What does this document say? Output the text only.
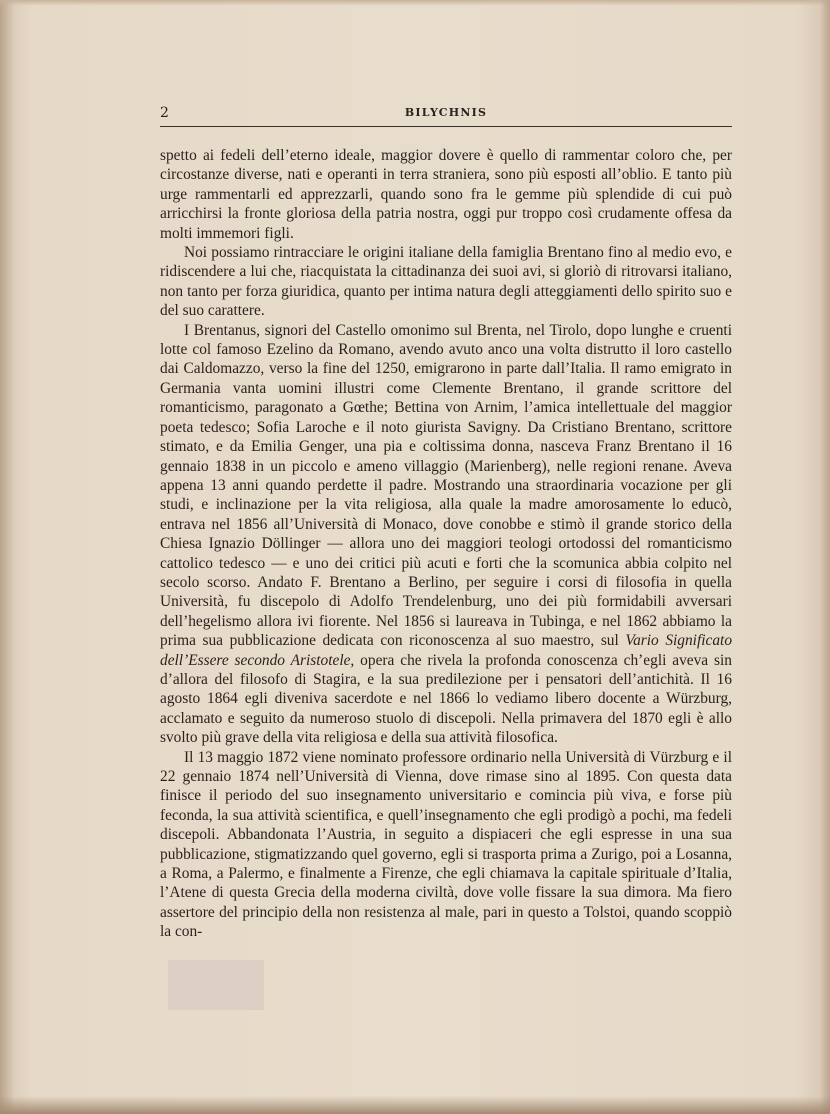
2	BILYCHNIS

spetto ai fedeli dell’eterno ideale, maggior dovere è quello di rammentar coloro che, per circostanze diverse, nati e operanti in terra straniera, sono più esposti all’oblio. E tanto più urge rammentarli ed apprezzarli, quando sono fra le gemme più splendide di cui può arricchirsi la fronte gloriosa della patria nostra, oggi pur troppo così crudamente offesa da molti immemori figli.

Noi possiamo rintracciare le origini italiane della famiglia Brentano fino al medio evo, e ridiscendere a lui che, riacquistata la cittadinanza dei suoi avi, si gloriò di ritrovarsi italiano, non tanto per forza giuridica, quanto per intima natura degli atteggiamenti dello spirito suo e del suo carattere.

I Brentanus, signori del Castello omonimo sul Brenta, nel Tirolo, dopo lunghe e cruenti lotte col famoso Ezelino da Romano, avendo avuto anco una volta distrutto il loro castello dai Caldomazzo, verso la fine del 1250, emigrarono in parte dall’Italia. Il ramo emigrato in Germania vanta uomini illustri come Clemente Brentano, il grande scrittore del romanticismo, paragonato a Gœthe; Bettina von Arnim, l’amica intellettuale del maggior poeta tedesco; Sofia Laroche e il noto giurista Savigny. Da Cristiano Brentano, scrittore stimato, e da Emilia Genger, una pia e coltissima donna, nasceva Franz Brentano il 16 gennaio 1838 in un piccolo e ameno villaggio (Marienberg), nelle regioni renane. Aveva appena 13 anni quando perdette il padre. Mostrando una straordinaria vocazione per gli studi, e inclinazione per la vita religiosa, alla quale la madre amorosamente lo educò, entrava nel 1856 all’Università di Monaco, dove conobbe e stimò il grande storico della Chiesa Ignazio Döllinger — allora uno dei maggiori teologi ortodossi del romanticismo cattolico tedesco — e uno dei critici più acuti e forti che la scomunica abbia colpito nel secolo scorso. Andato F. Brentano a Berlino, per seguire i corsi di filosofia in quella Università, fu discepolo di Adolfo Trendelenburg, uno dei più formidabili avversari dell’hegelismo allora ivi fiorente. Nel 1856 si laureava in Tubinga, e nel 1862 abbiamo la prima sua pubblicazione dedicata con riconoscenza al suo maestro, sul Vario Significato dell’Essere secondo Aristotele, opera che rivela la profonda conoscenza ch’egli aveva sin d’allora del filosofo di Stagira, e la sua predilezione per i pensatori dell’antichità. Il 16 agosto 1864 egli diveniva sacerdote e nel 1866 lo vediamo libero docente a Würzburg, acclamato e seguito da numeroso stuolo di discepoli. Nella primavera del 1870 egli è allo svolto più grave della vita religiosa e della sua attività filosofica.

Il 13 maggio 1872 viene nominato professore ordinario nella Università di Vürzburg e il 22 gennaio 1874 nell’Università di Vienna, dove rimase sino al 1895. Con questa data finisce il periodo del suo insegnamento universitario e comincia più viva, e forse più feconda, la sua attività scientifica, e quell’insegnamento che egli prodigò a pochi, ma fedeli discepoli. Abbandonata l’Austria, in seguito a dispiaceri che egli espresse in una sua pubblicazione, stigmatizzando quel governo, egli si trasporta prima a Zurigo, poi a Losanna, a Roma, a Palermo, e finalmente a Firenze, che egli chiamava la capitale spirituale d’Italia, l’Atene di questa Grecia della moderna civiltà, dove volle fissare la sua dimora. Ma fiero assertore del principio della non resistenza al male, pari in questo a Tolstoi, quando scoppiò la con-
